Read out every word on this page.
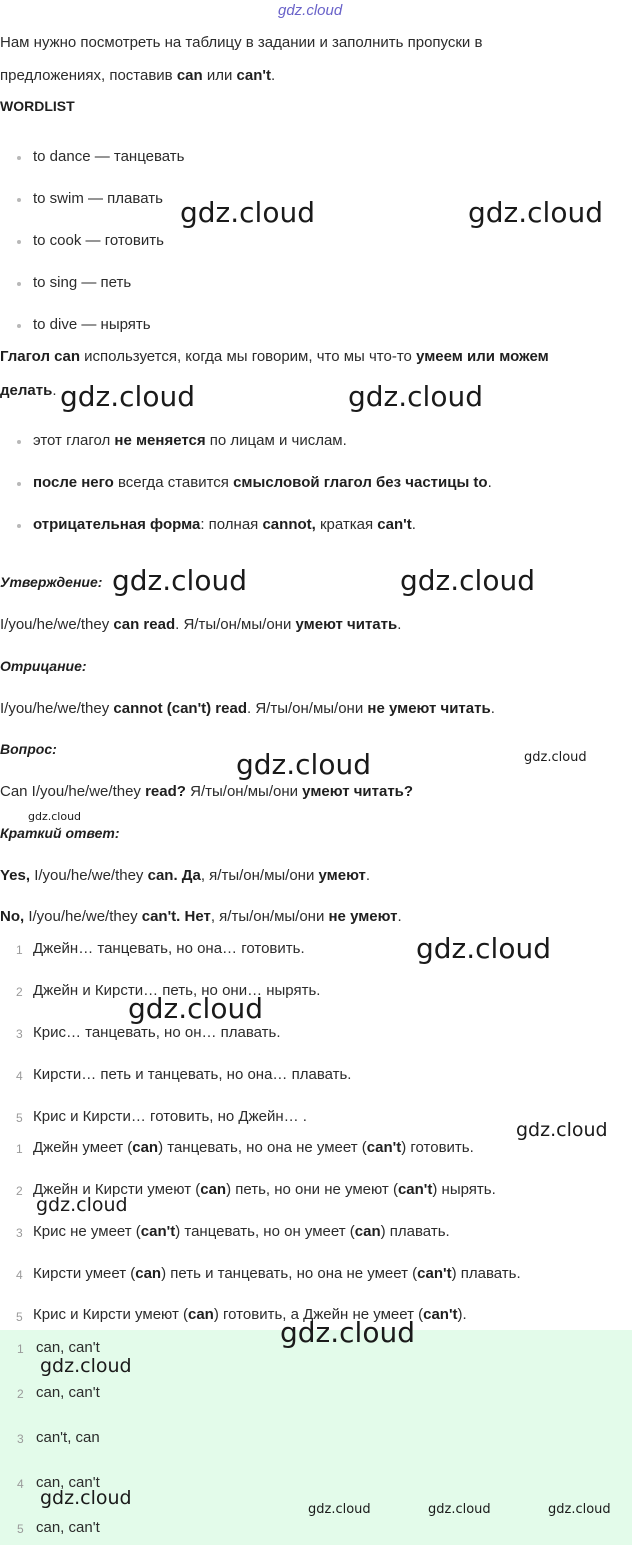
gdz.cloud
Нам нужно посмотреть на таблицу в задании и заполнить пропуски в
предложениях, поставив can или can't.
WORDLIST
to dance — танцевать
to swim — плавать
to cook — готовить
to sing — петь
to dive — нырять
Глагол can используется, когда мы говорим, что мы что-то умеем или можем
делать.
этот глагол не меняется по лицам и числам.
после него всегда ставится смысловой глагол без частицы to.
отрицательная форма: полная cannot, краткая can't.
Утверждение:
I/you/he/we/they can read. Я/ты/он/мы/они умеют читать.
Отрицание:
I/you/he/we/they cannot (can't) read. Я/ты/он/мы/они не умеют читать.
Вопрос:
Can I/you/he/we/they read? Я/ты/он/мы/они умеют читать?
Краткий ответ:
Yes, I/you/he/we/they can. Да, я/ты/он/мы/они умеют.
No, I/you/he/we/they can't. Нет, я/ты/он/мы/они не умеют.
1 Джейн… танцевать, но она… готовить.
2 Джейн и Кирсти… петь, но они… нырять.
3 Крис… танцевать, но он… плавать.
4 Кирсти… петь и танцевать, но она… плавать.
5 Крис и Кирсти… готовить, но Джейн… .
1 Джейн умеет (can) танцевать, но она не умеет (can't) готовить.
2 Джейн и Кирсти умеют (can) петь, но они не умеют (can't) нырять.
3 Крис не умеет (can't) танцевать, но он умеет (can) плавать.
4 Кирсти умеет (can) петь и танцевать, но она не умеет (can't) плавать.
5 Крис и Кирсти умеют (can) готовить, а Джейн не умеет (can't).
1 can, can't
2 can, can't
3 can't, can
4 can, can't
5 can, can't
gdz.cloud	gdz.cloud
gdz.cloud	gdz.cloud
gdz.cloud	gdz.cloud
gdz.cloud	gdz.cloud
gdz.cloud
gdz.cloud
gdz.cloud
gdz.cloud
gdz.cloud
gdz.cloud
gdz.cloud
gdz.cloud
gdz.cloud	gdz.cloud	gdz.cloud
